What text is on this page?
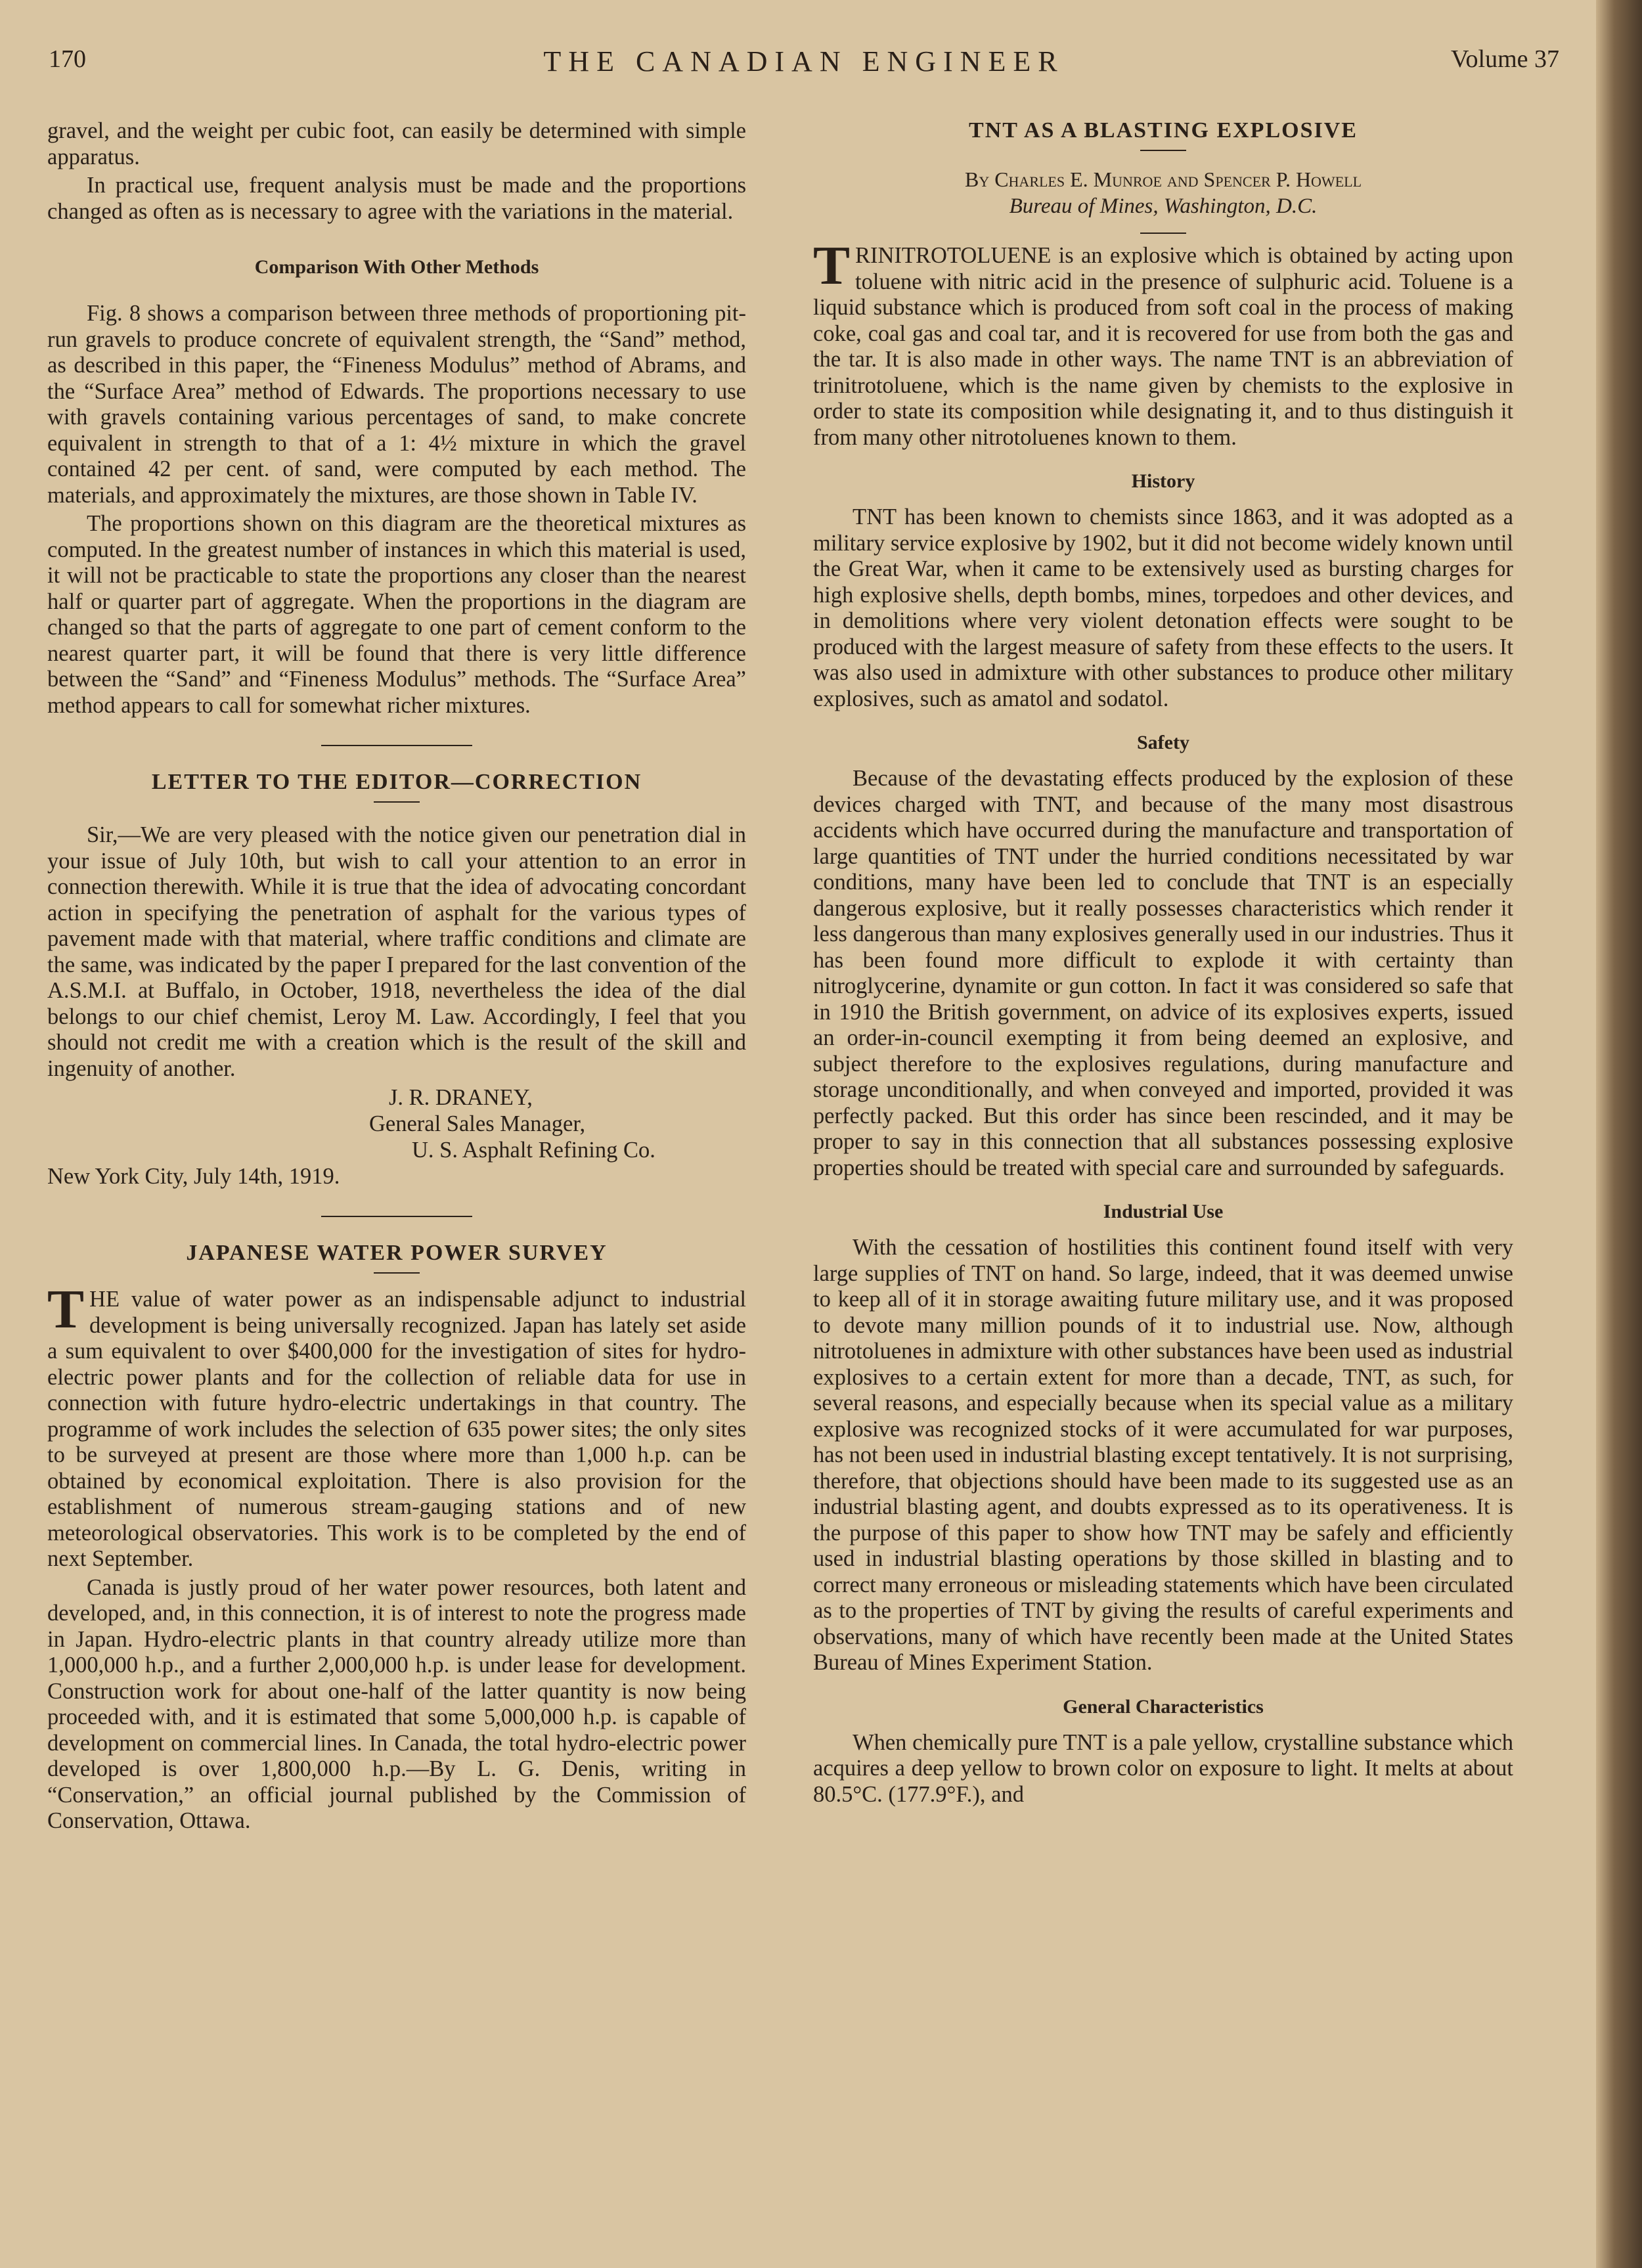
THE CANADIAN ENGINEER
170	Volume 37

gravel, and the weight per cubic foot, can easily be determined with simple apparatus.

In practical use, frequent analysis must be made and the proportions changed as often as is necessary to agree with the variations in the material.

Comparison With Other Methods

Fig. 8 shows a comparison between three methods of proportioning pit-run gravels to produce concrete of equivalent strength, the “Sand” method, as described in this paper, the “Fineness Modulus” method of Abrams, and the “Surface Area” method of Edwards. The proportions necessary to use with gravels containing various percentages of sand, to make concrete equivalent in strength to that of a 1: 4½ mixture in which the gravel contained 42 per cent. of sand, were computed by each method. The materials, and approximately the mixtures, are those shown in Table IV.

The proportions shown on this diagram are the theoretical mixtures as computed. In the greatest number of instances in which this material is used, it will not be practicable to state the proportions any closer than the nearest half or quarter part of aggregate. When the proportions in the diagram are changed so that the parts of aggregate to one part of cement conform to the nearest quarter part, it will be found that there is very little difference between the “Sand” and “Fineness Modulus” methods. The “Surface Area” method appears to call for somewhat richer mixtures.

LETTER TO THE EDITOR—CORRECTION

Sir,—We are very pleased with the notice given our penetration dial in your issue of July 10th, but wish to call your attention to an error in connection therewith. While it is true that the idea of advocating concordant action in specifying the penetration of asphalt for the various types of pavement made with that material, where traffic conditions and climate are the same, was indicated by the paper I prepared for the last convention of the A.S.M.I. at Buffalo, in October, 1918, nevertheless the idea of the dial belongs to our chief chemist, Leroy M. Law. Accordingly, I feel that you should not credit me with a creation which is the result of the skill and ingenuity of another.

J. R. DRANEY,

General Sales Manager,

U. S. Asphalt Refining Co.

New York City, July 14th, 1919.

JAPANESE WATER POWER SURVEY

THE value of water power as an indispensable adjunct to industrial development is being universally recognized. Japan has lately set aside a sum equivalent to over $400,000 for the investigation of sites for hydro-electric power plants and for the collection of reliable data for use in connection with future hydro-electric undertakings in that country. The programme of work includes the selection of 635 power sites; the only sites to be surveyed at present are those where more than 1,000 h.p. can be obtained by economical exploitation. There is also provision for the establishment of numerous stream-gauging stations and of new meteorological observatories. This work is to be completed by the end of next September.

Canada is justly proud of her water power resources, both latent and developed, and, in this connection, it is of interest to note the progress made in Japan. Hydro-electric plants in that country already utilize more than 1,000,000 h.p., and a further 2,000,000 h.p. is under lease for development. Construction work for about one-half of the latter quantity is now being proceeded with, and it is estimated that some 5,000,000 h.p. is capable of development on commercial lines. In Canada, the total hydro-electric power developed is over 1,800,000 h.p.—By L. G. Denis, writing in “Conservation,” an official journal published by the Commission of Conservation, Ottawa.

TNT AS A BLASTING EXPLOSIVE

By Charles E. Munroe and Spencer P. Howell

Bureau of Mines, Washington, D.C.

TRINITROTOLUENE is an explosive which is obtained by acting upon toluene with nitric acid in the presence of sulphuric acid. Toluene is a liquid substance which is produced from soft coal in the process of making coke, coal gas and coal tar, and it is recovered for use from both the gas and the tar. It is also made in other ways. The name TNT is an abbreviation of trinitrotoluene, which is the name given by chemists to the explosive in order to state its composition while designating it, and to thus distinguish it from many other nitrotoluenes known to them.

History

TNT has been known to chemists since 1863, and it was adopted as a military service explosive by 1902, but it did not become widely known until the Great War, when it came to be extensively used as bursting charges for high explosive shells, depth bombs, mines, torpedoes and other devices, and in demolitions where very violent detonation effects were sought to be produced with the largest measure of safety from these effects to the users. It was also used in admixture with other substances to produce other military explosives, such as amatol and sodatol.

Safety

Because of the devastating effects produced by the explosion of these devices charged with TNT, and because of the many most disastrous accidents which have occurred during the manufacture and transportation of large quantities of TNT under the hurried conditions necessitated by war conditions, many have been led to conclude that TNT is an especially dangerous explosive, but it really possesses characteristics which render it less dangerous than many explosives generally used in our industries. Thus it has been found more difficult to explode it with certainty than nitroglycerine, dynamite or gun cotton. In fact it was considered so safe that in 1910 the British government, on advice of its explosives experts, issued an order-in-council exempting it from being deemed an explosive, and subject therefore to the explosives regulations, during manufacture and storage unconditionally, and when conveyed and imported, provided it was perfectly packed. But this order has since been rescinded, and it may be proper to say in this connection that all substances possessing explosive properties should be treated with special care and surrounded by safeguards.

Industrial Use

With the cessation of hostilities this continent found itself with very large supplies of TNT on hand. So large, indeed, that it was deemed unwise to keep all of it in storage awaiting future military use, and it was proposed to devote many million pounds of it to industrial use. Now, although nitrotoluenes in admixture with other substances have been used as industrial explosives to a certain extent for more than a decade, TNT, as such, for several reasons, and especially because when its special value as a military explosive was recognized stocks of it were accumulated for war purposes, has not been used in industrial blasting except tentatively. It is not surprising, therefore, that objections should have been made to its suggested use as an industrial blasting agent, and doubts expressed as to its operativeness. It is the purpose of this paper to show how TNT may be safely and efficiently used in industrial blasting operations by those skilled in blasting and to correct many erroneous or misleading statements which have been circulated as to the properties of TNT by giving the results of careful experiments and observations, many of which have recently been made at the United States Bureau of Mines Experiment Station.

General Characteristics

When chemically pure TNT is a pale yellow, crystalline substance which acquires a deep yellow to brown color on exposure to light. It melts at about 80.5°C. (177.9°F.), and
